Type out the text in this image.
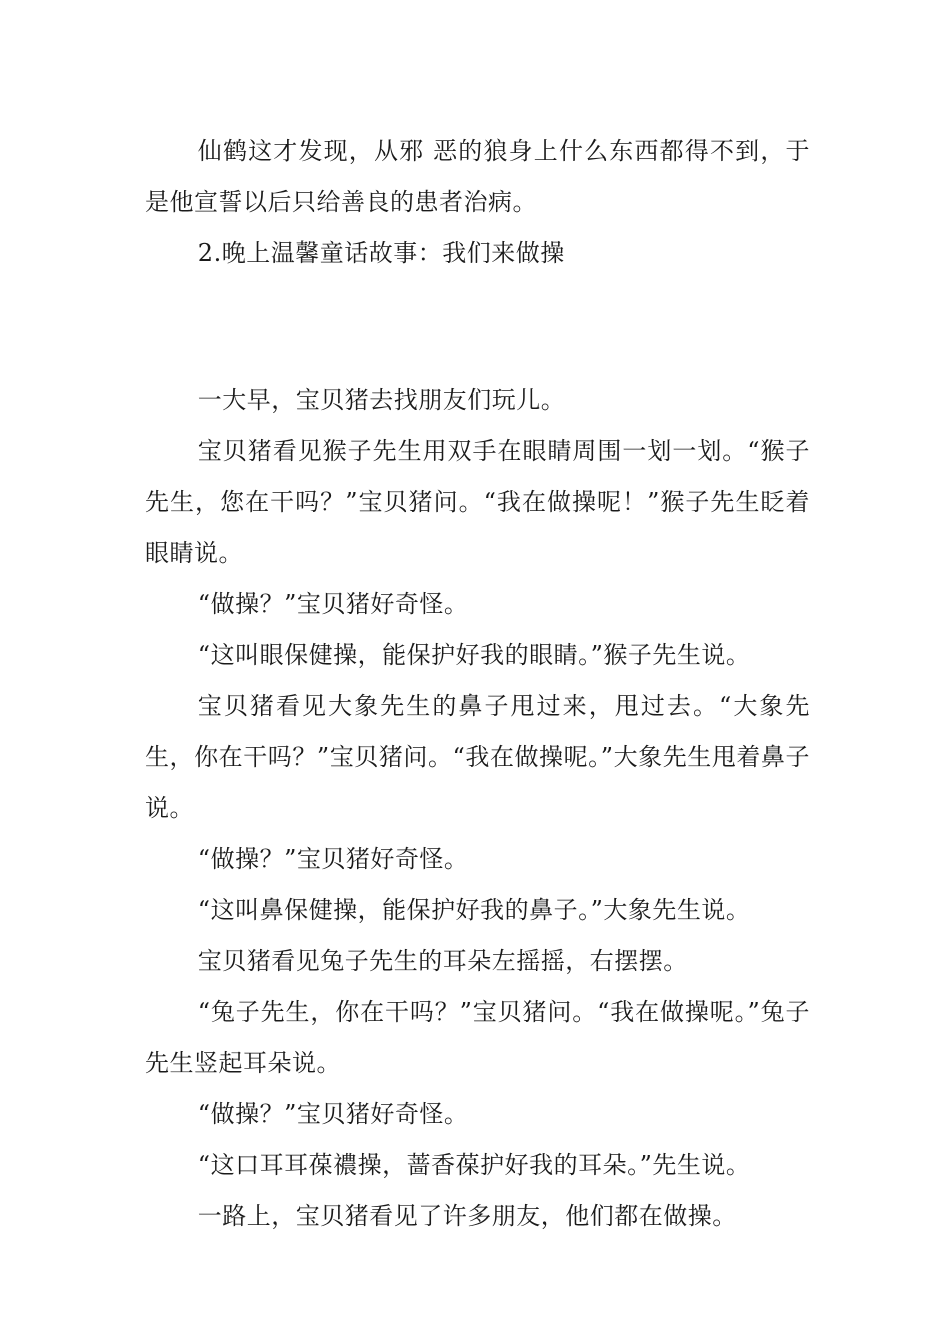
仙鹤这才发现，从邪 恶的狼身上什么东西都得不到，于是他宣誓以后只给善良的患者治病。

2.晚上温馨童话故事：我们来做操

一大早，宝贝猪去找朋友们玩儿。

宝贝猪看见猴子先生用双手在眼睛周围一划一划。“猴子先生，您在干吗？”宝贝猪问。“我在做操呢！”猴子先生眨着眼睛说。

“做操？”宝贝猪好奇怪。

“这叫眼保健操，能保护好我的眼睛。”猴子先生说。

宝贝猪看见大象先生的鼻子甩过来，甩过去。“大象先生，你在干吗？”宝贝猪问。“我在做操呢。”大象先生甩着鼻子说。

“做操？”宝贝猪好奇怪。

“这叫鼻保健操，能保护好我的鼻子。”大象先生说。

宝贝猪看见兔子先生的耳朵左摇摇，右摆摆。

“兔子先生，你在干吗？”宝贝猪问。“我在做操呢。”兔子先生竖起耳朵说。

“做操？”宝贝猪好奇怪。

“这口耳耳葆禯操，蔷香葆护好我的耳朵。”先生说。

一路上，宝贝猪看见了许多朋友，他们都在做操。
